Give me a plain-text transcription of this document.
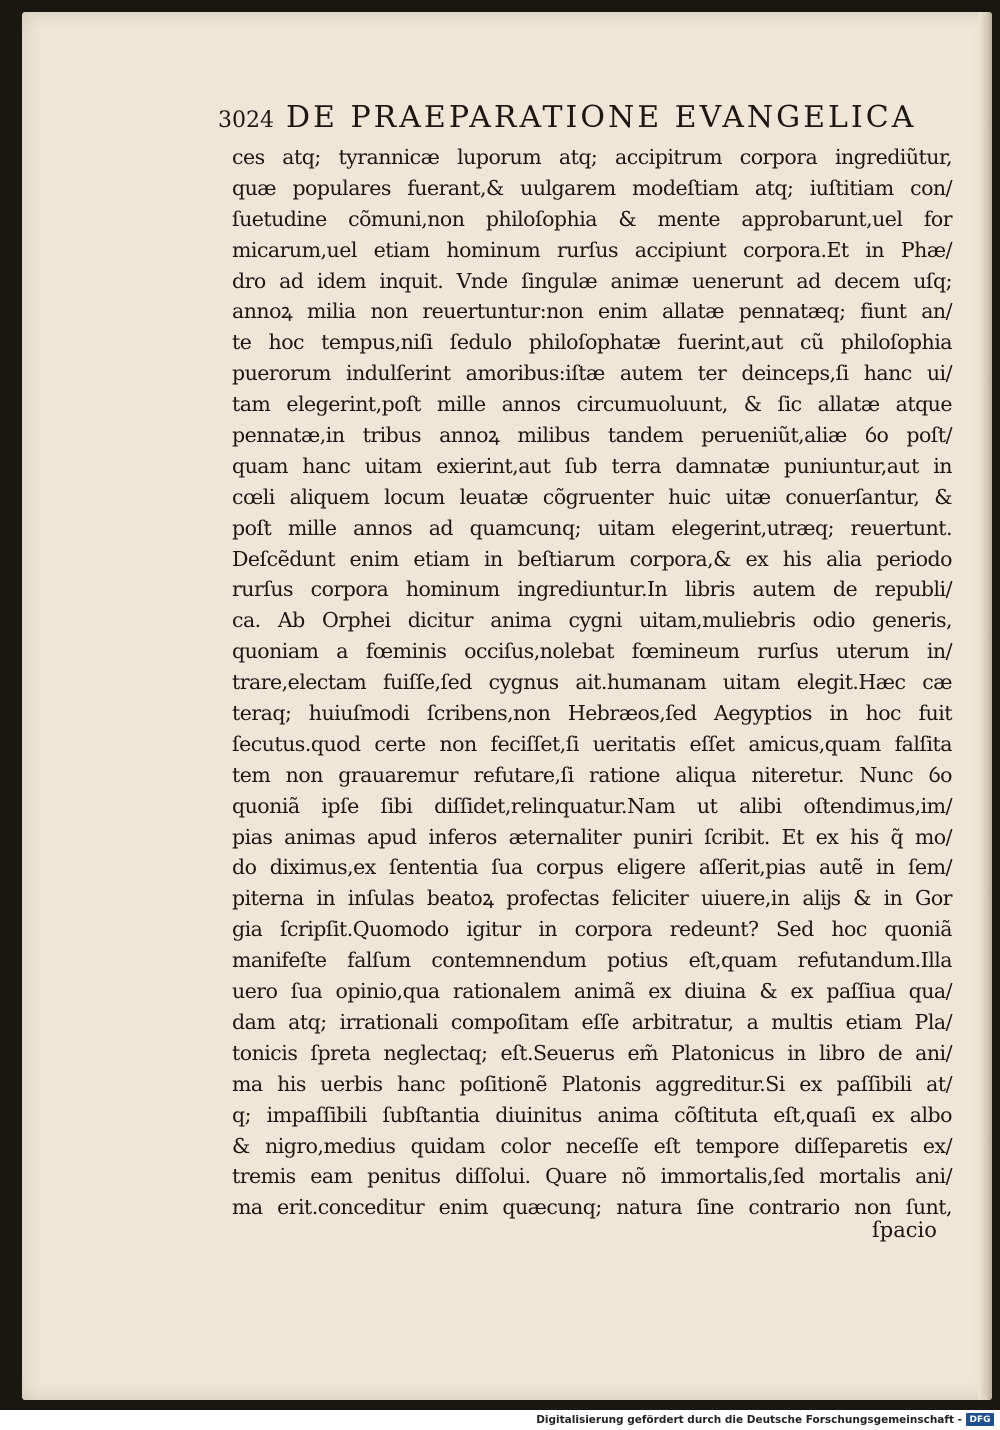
3024 DE PRAEPARATIONE EVANGELICA
ces atq; tyrannicæ luporum atq; accipitrum corpora ingrediũtur,
quæ populares fuerant,& uulgarem modeſtiam atq; iuſtitiam con/
ſuetudine cõmuni,non philoſophia & mente approbarunt,uel for
micarum,uel etiam hominum rurſus accipiunt corpora.Et in Phæ/
dro ad idem inquit. Vnde ſingulæ animæ uenerunt ad decem uſq;
annoꝝ milia non reuertuntur:non enim allatæ pennatæq; fiunt an/
te hoc tempus,niſi ſedulo philoſophatæ fuerint,aut cũ philoſophia
puerorum indulſerint amoribus:iſtæ autem ter deinceps,ſi hanc ui/
tam elegerint,poſt mille annos circumuoluunt, & ſic allatæ atque
pennatæ,in tribus annoꝝ milibus tandem perueniũt,aliæ ỽo poſt/
quam hanc uitam exierint,aut ſub terra damnatæ puniuntur,aut in
cœli aliquem locum leuatæ cõgruenter huic uitæ conuerſantur, &
poſt mille annos ad quamcunq; uitam elegerint,utræq; reuertunt.
Deſcẽdunt enim etiam in beſtiarum corpora,& ex his alia periodo
rurſus corpora hominum ingrediuntur.In libris autem de republi/
ca. Ab Orphei dicitur anima cygni uitam,muliebris odio generis,
quoniam a fœminis occiſus,nolebat fœmineum rurſus uterum in/
trare,electam fuiſſe,ſed cygnus ait.humanam uitam elegit.Hæc cæ
teraq; huiuſmodi ſcribens,non Hebræos,ſed Aegyptios in hoc fuit
ſecutus.quod certe non feciſſet,ſi ueritatis eſſet amicus,quam falſita
tem non grauaremur refutare,ſi ratione aliqua niteretur. Nunc ỽo
quoniã ipſe ſibi diſſidet,relinquatur.Nam ut alibi oſtendimus,im/
pias animas apud inferos æternaliter puniri ſcribit. Et ex his q̃ mo/
do diximus,ex ſententia ſua corpus eligere aſſerit,pias autẽ in ſem/
piterna in inſulas beatoꝝ profectas feliciter uiuere,in alĳs & in Gor
gia ſcripſit.Quomodo igitur in corpora redeunt? Sed hoc quoniã
manifeſte falſum contemnendum potius eſt,quam refutandum.Illa
uero ſua opinio,qua rationalem animã ex diuina & ex paſſiua qua/
dam atq; irrationali compoſitam eſſe arbitratur, a multis etiam Pla/
tonicis ſpreta neglectaq; eſt.Seuerus em̃ Platonicus in libro de ani/
ma his uerbis hanc poſitionẽ Platonis aggreditur.Si ex paſſibili at/
q; impaſſibili ſubſtantia diuinitus anima cõſtituta eſt,quaſi ex albo
& nigro,medius quidam color neceſſe eſt tempore diſſeparetis ex/
tremis eam penitus diſſolui. Quare nõ immortalis,ſed mortalis ani/
ma erit.conceditur enim quæcunq; natura ſine contrario non ſunt,
ſpacio
Digitalisierung gefördert durch die Deutsche Forschungsgemeinschaft - DFG
